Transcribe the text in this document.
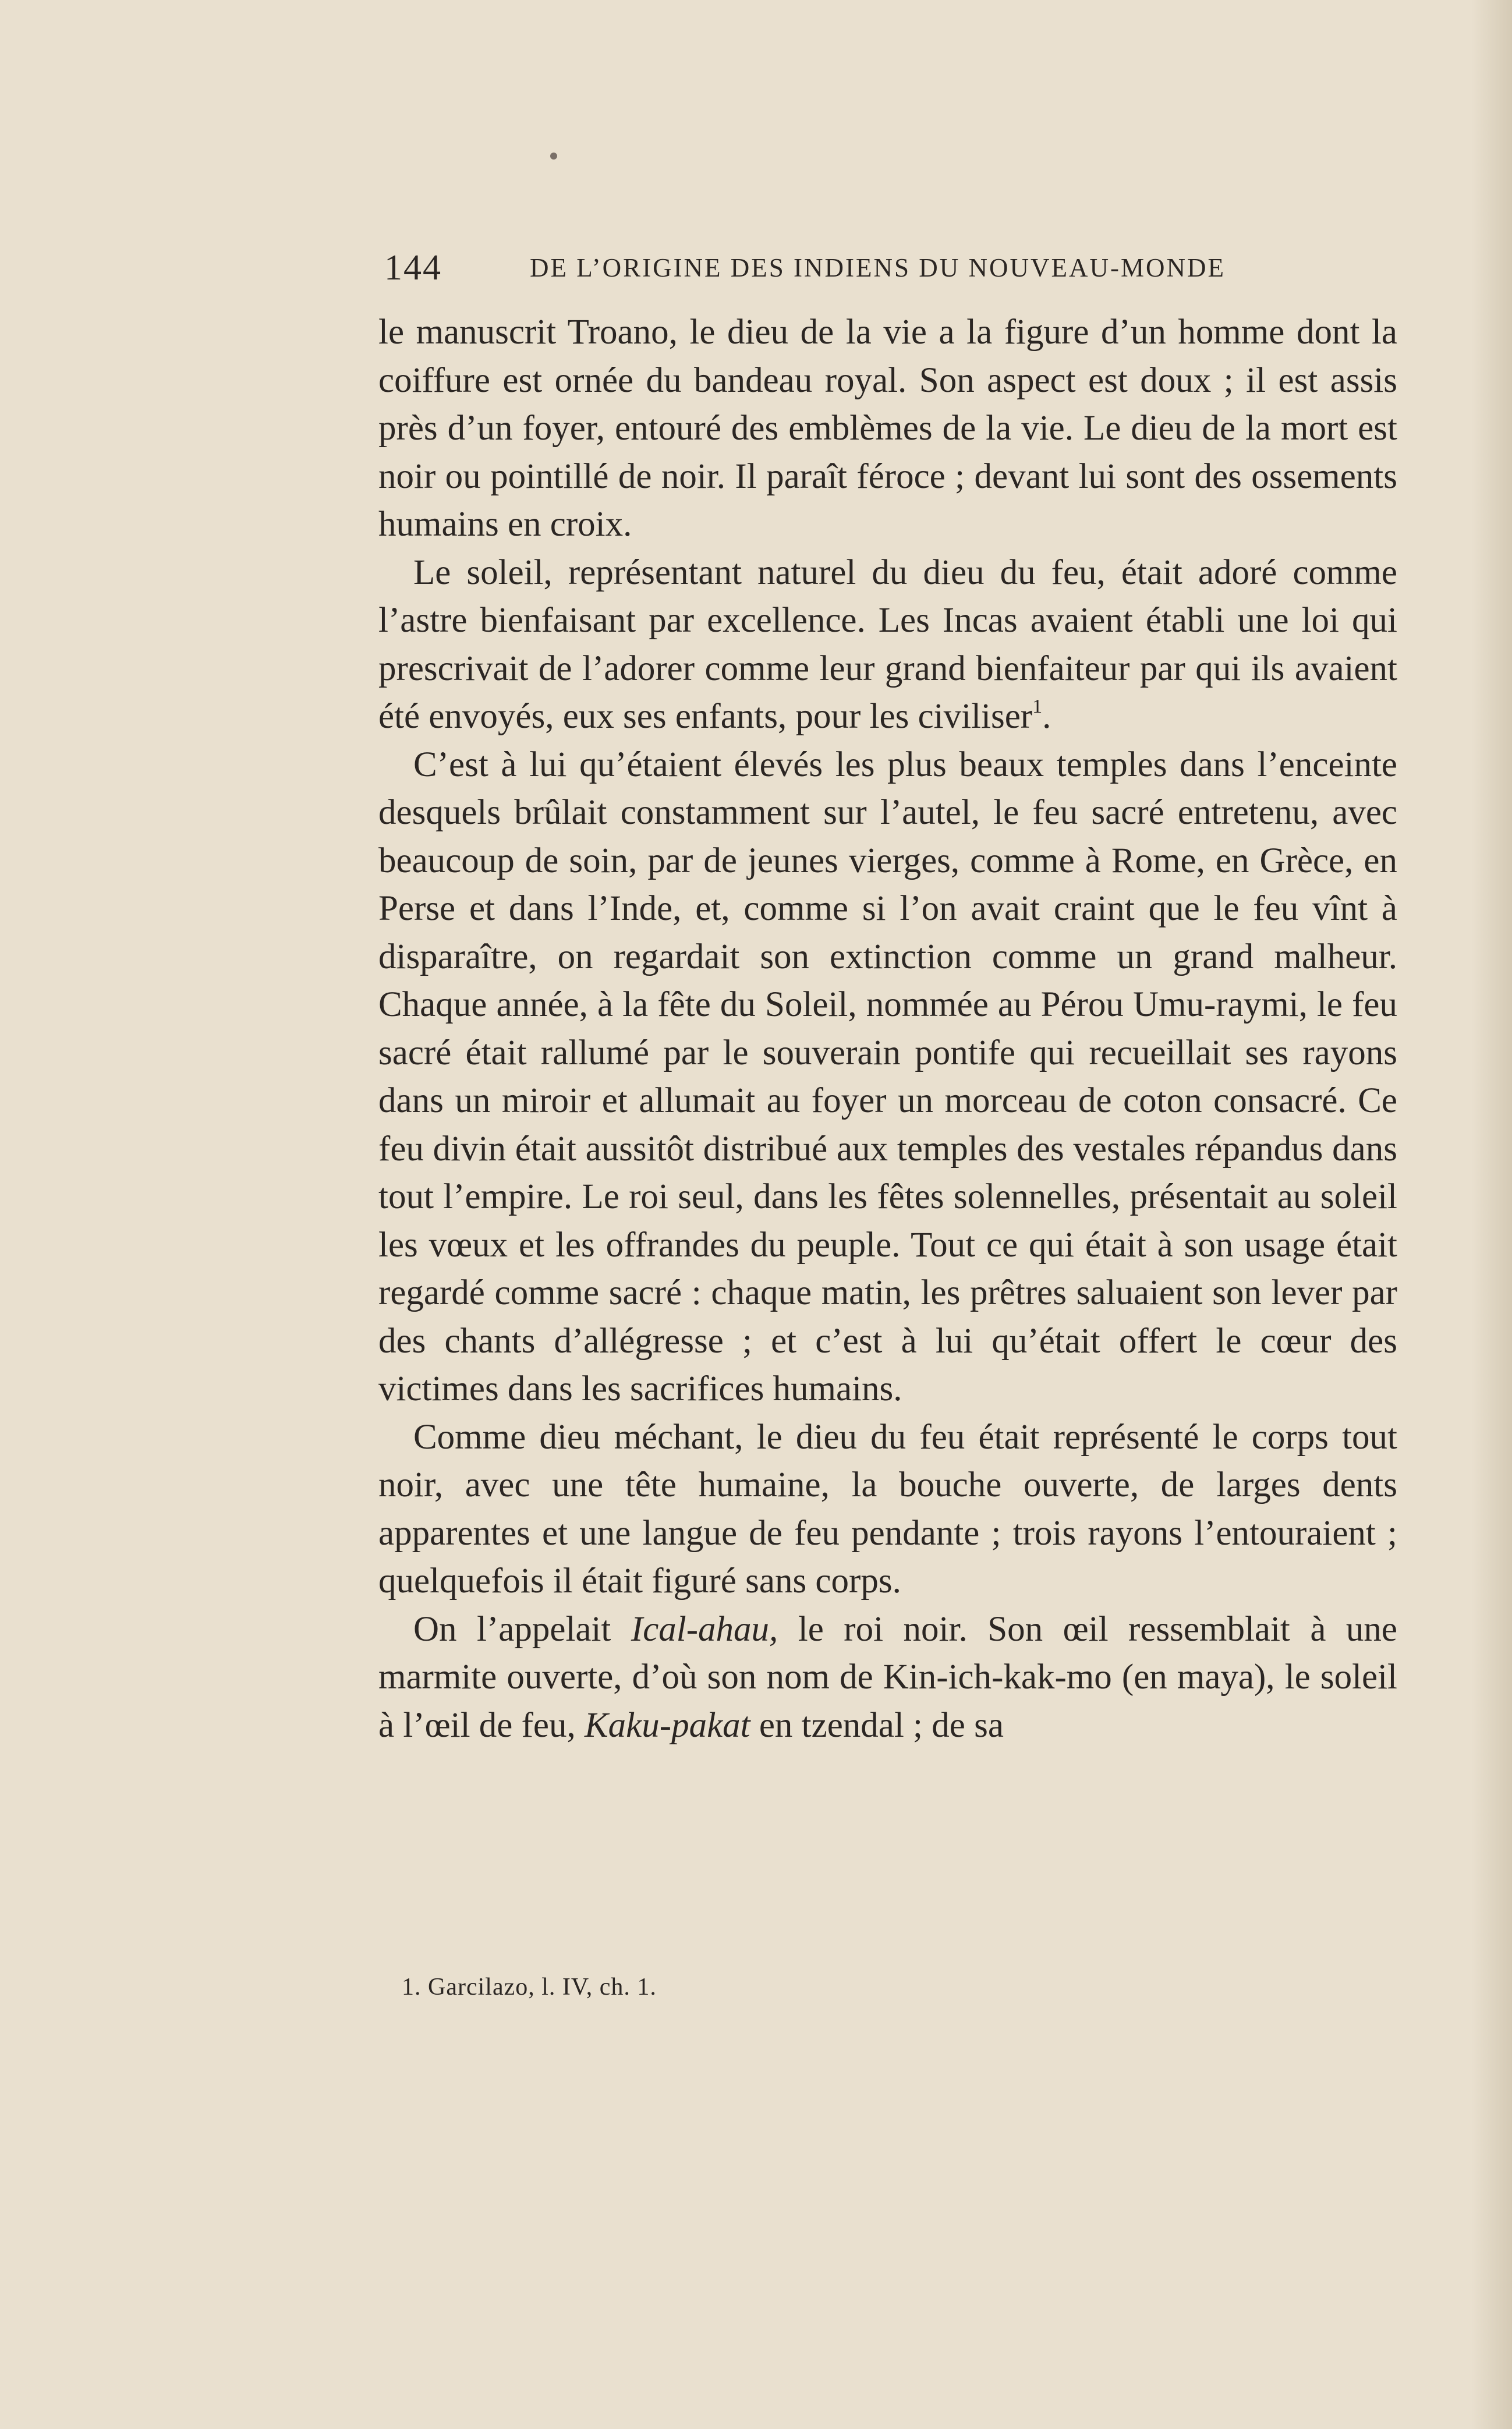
144	DE L’ORIGINE DES INDIENS DU NOUVEAU-MONDE

le manuscrit Troano, le dieu de la vie a la figure d’un homme dont la coiffure est ornée du bandeau royal. Son aspect est doux ; il est assis près d’un foyer, entouré des emblèmes de la vie. Le dieu de la mort est noir ou pointillé de noir. Il paraît féroce ; devant lui sont des ossements humains en croix.

Le soleil, représentant naturel du dieu du feu, était adoré comme l’astre bienfaisant par excellence. Les Incas avaient établi une loi qui prescrivait de l’adorer comme leur grand bienfaiteur par qui ils avaient été envoyés, eux ses enfants, pour les civiliser$^1$.

C’est à lui qu’étaient élevés les plus beaux temples dans l’enceinte desquels brûlait constamment sur l’autel, le feu sacré entretenu, avec beaucoup de soin, par de jeunes vierges, comme à Rome, en Grèce, en Perse et dans l’Inde, et, comme si l’on avait craint que le feu vînt à disparaître, on regardait son extinction comme un grand malheur. Chaque année, à la fête du Soleil, nommée au Pérou Umu-raymi, le feu sacré était rallumé par le souverain pontife qui recueillait ses rayons dans un miroir et allumait au foyer un morceau de coton consacré. Ce feu divin était aussitôt distribué aux temples des vestales répandus dans tout l’empire. Le roi seul, dans les fêtes solennelles, présentait au soleil les vœux et les offrandes du peuple. Tout ce qui était à son usage était regardé comme sacré : chaque matin, les prêtres saluaient son lever par des chants d’allégresse ; et c’est à lui qu’était offert le cœur des victimes dans les sacrifices humains.

Comme dieu méchant, le dieu du feu était représenté le corps tout noir, avec une tête humaine, la bouche ouverte, de larges dents apparentes et une langue de feu pendante ; trois rayons l’entouraient ; quelquefois il était figuré sans corps.

On l’appelait Ical-ahau, le roi noir. Son œil ressemblait à une marmite ouverte, d’où son nom de Kin-ich-kak-mo (en maya), le soleil à l’œil de feu, Kaku-pakat en tzendal ; de sa

1. Garcilazo, l. IV, ch. 1.
